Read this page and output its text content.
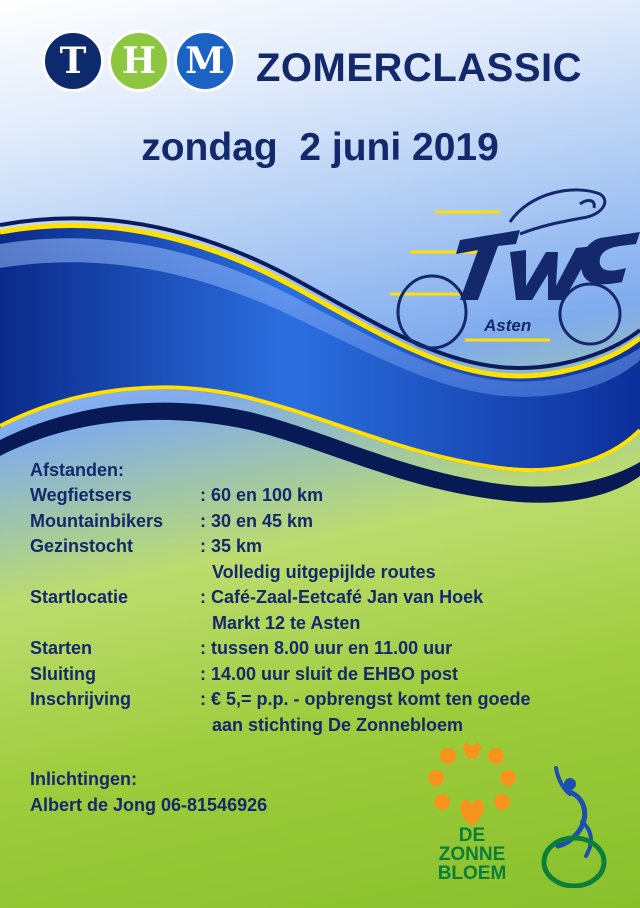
T H M ZOMERCLASSIC
zondag  2 juni 2019
Asten
Afstanden:
Wegfietsers	: 60 en 100 km
Mountainbikers : 30 en 45 km
Gezinstocht	: 35 km
Volledig uitgepijlde routes
Startlocatie	: Café-Zaal-Eetcafé Jan van Hoek
Markt 12 te Asten
Starten	: tussen 8.00 uur en 11.00 uur
Sluiting	: 14.00 uur sluit de EHBO post
Inschrijving	: € 5,= p.p. - opbrengst komt ten goede
aan stichting De Zonnebloem
Inlichtingen:
Albert de Jong 06-81546926
DE
ZONNE
BLOEM
